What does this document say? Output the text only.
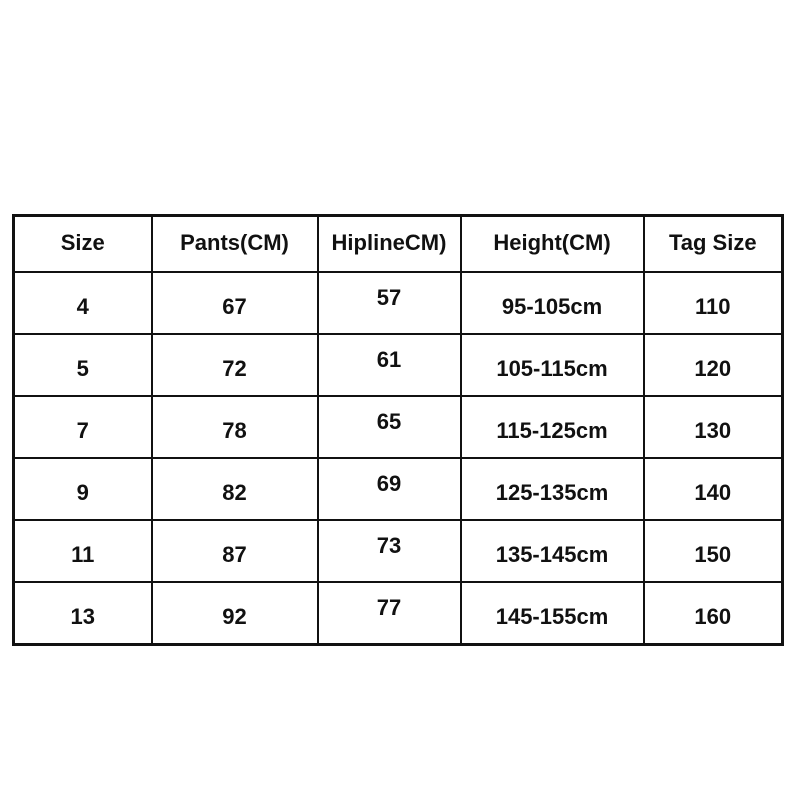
Size	Pants(CM)	HiplineCM)	Height(CM)	Tag Size
4	67	57	95-105cm	110
5	72	61	105-115cm	120
7	78	65	115-125cm	130
9	82	69	125-135cm	140
11	87	73	135-145cm	150
13	92	77	145-155cm	160
